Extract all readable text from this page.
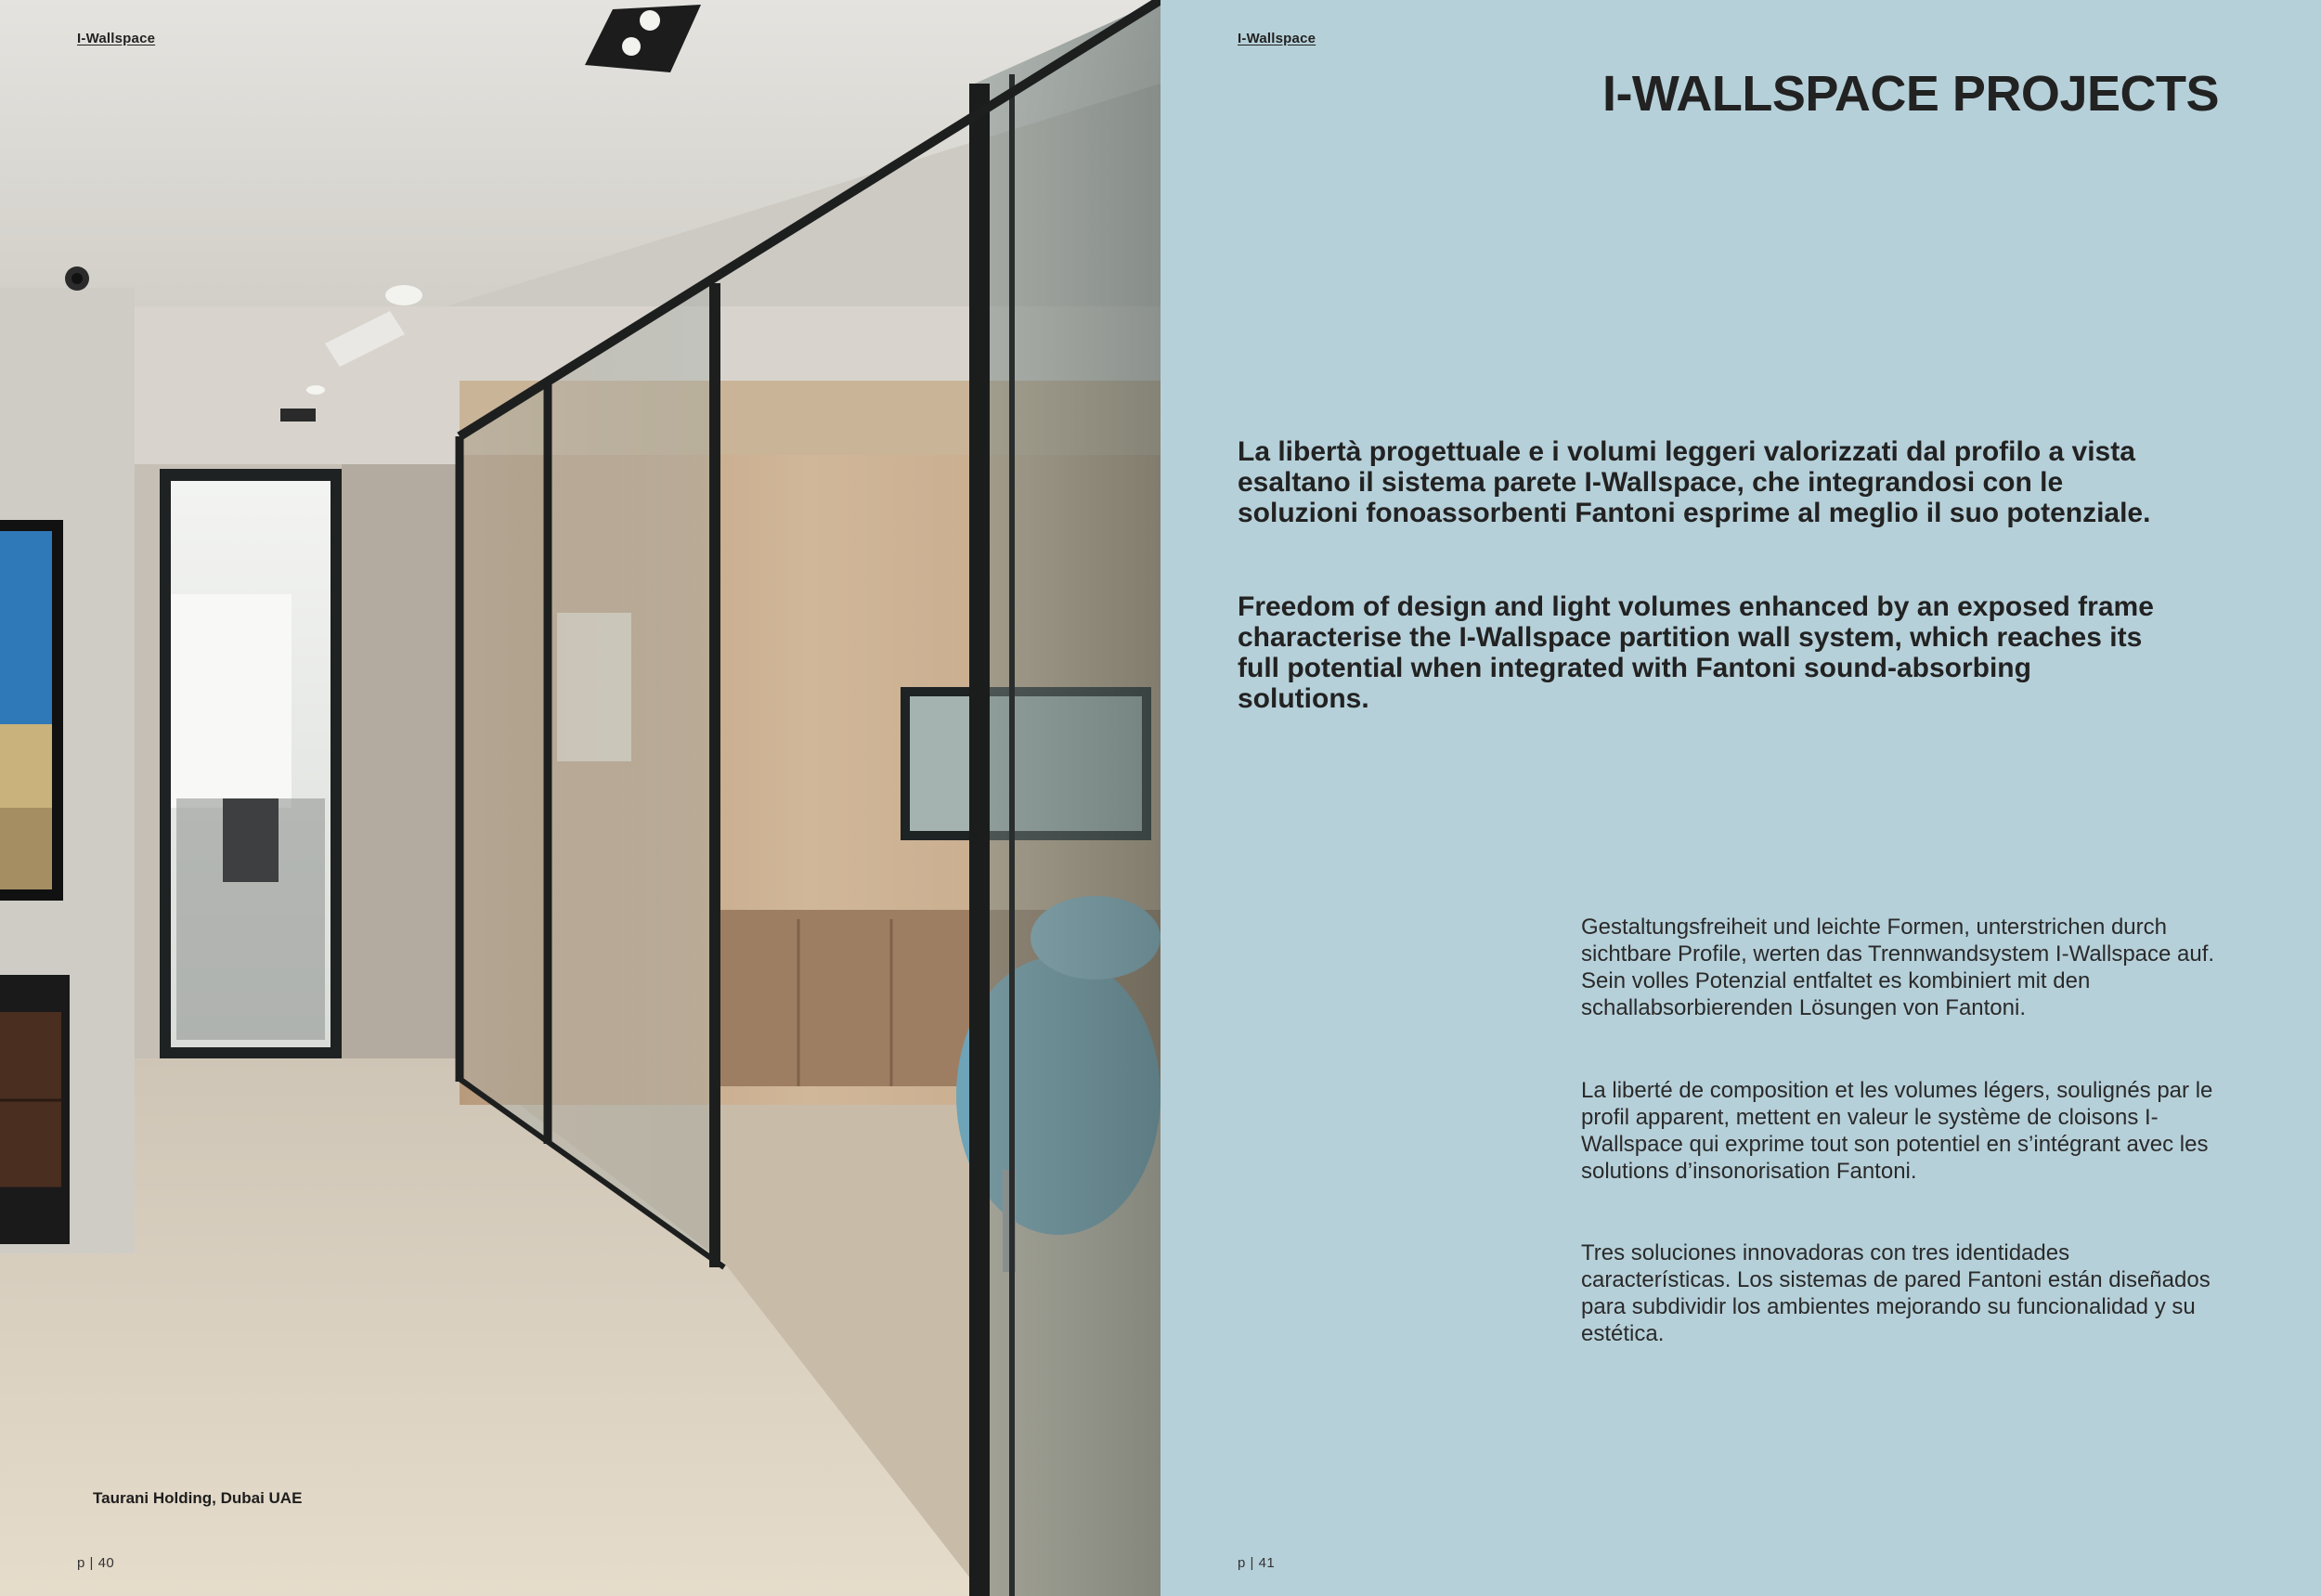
I-Wallspace
Taurani Holding, Dubai UAE
p | 40
I-Wallspace
I-WALLSPACE PROJECTS

La libertà progettuale e i volumi leggeri valorizzati dal profilo a vista esaltano il sistema parete I-Wallspace, che integrandosi con le soluzioni fonoassorbenti Fantoni esprime al meglio il suo potenziale.

Freedom of design and light volumes enhanced by an exposed frame characterise the I-Wallspace partition wall system, which reaches its full potential when integrated with Fantoni sound-absorbing solutions.

Gestaltungsfreiheit und leichte Formen, unterstrichen durch sichtbare Profile, werten das Trennwandsystem I-Wallspace auf. Sein volles Potenzial entfaltet es kombiniert mit den schallabsorbierenden Lösungen von Fantoni.

La liberté de composition et les volumes légers, soulignés par le profil apparent, mettent en valeur le système de cloisons I-Wallspace qui exprime tout son potentiel en s’intégrant avec les solutions d’insonorisation Fantoni.

Tres soluciones innovadoras con tres identidades características. Los sistemas de pared Fantoni están diseñados para subdividir los ambientes mejorando su funcionalidad y su estética.

p | 41
